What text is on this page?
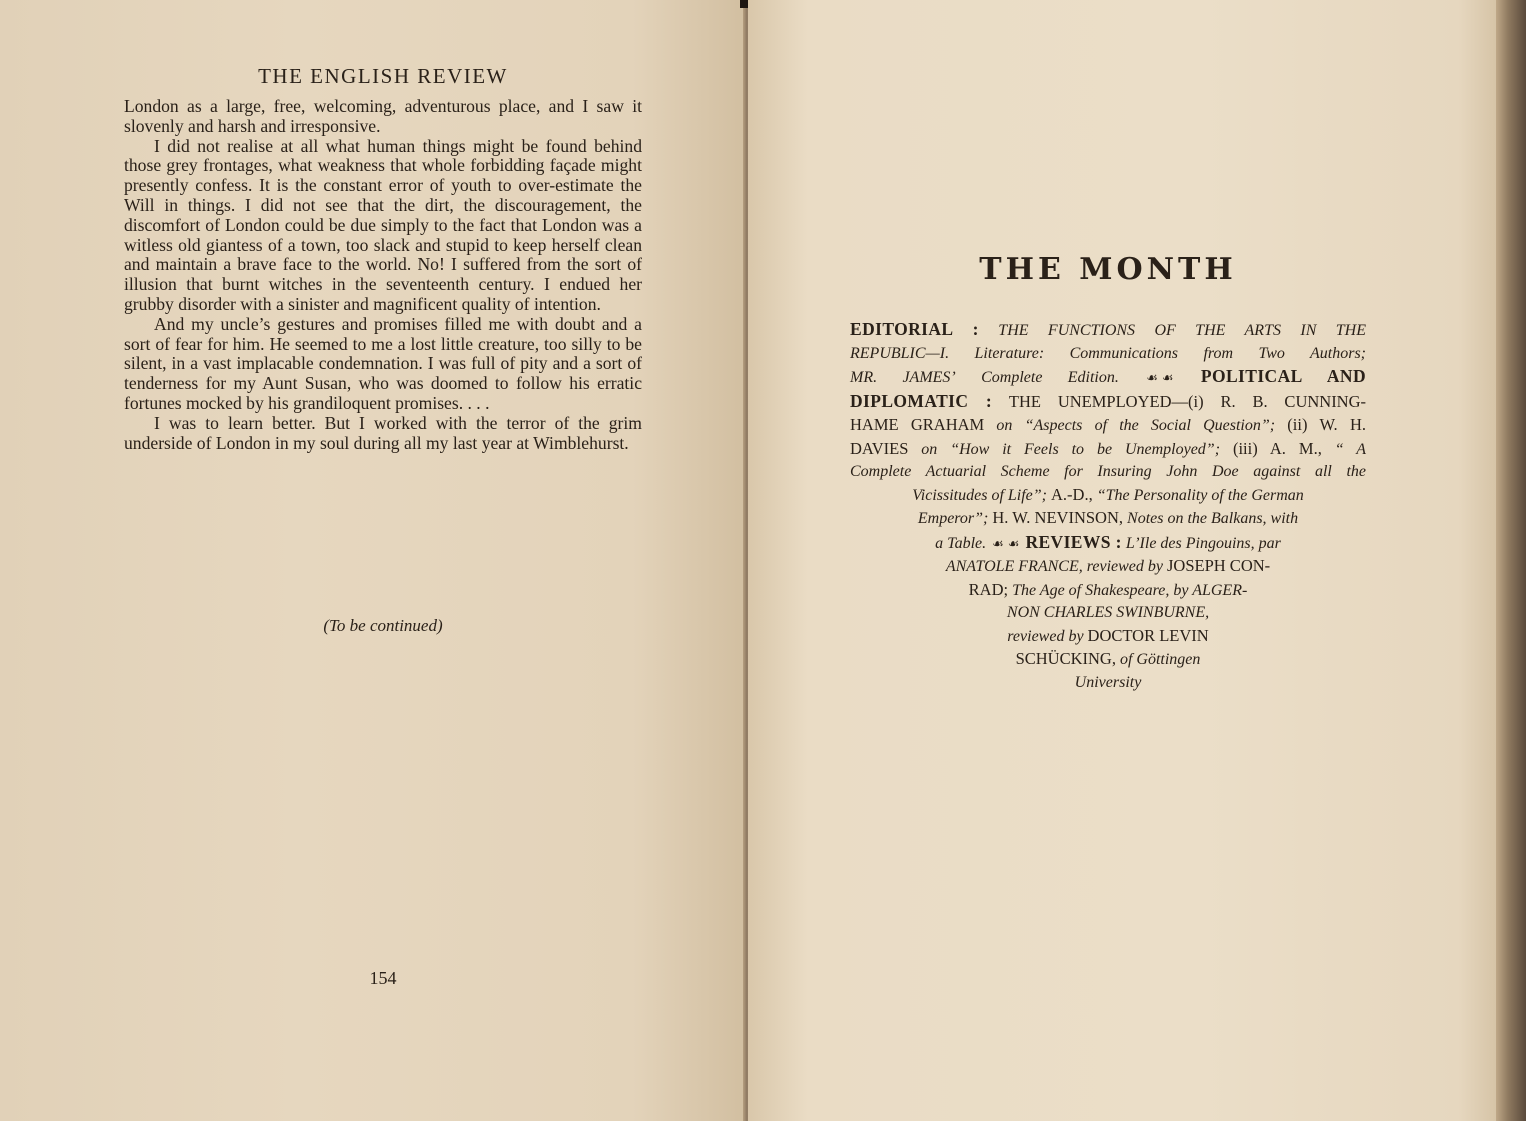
THE ENGLISH REVIEW

London as a large, free, welcoming, adventurous place, and I saw it slovenly and harsh and irresponsive.

I did not realise at all what human things might be found behind those grey frontages, what weakness that whole forbidding façade might presently confess. It is the constant error of youth to over-estimate the Will in things. I did not see that the dirt, the discouragement, the discomfort of London could be due simply to the fact that London was a witless old giantess of a town, too slack and stupid to keep herself clean and maintain a brave face to the world. No! I suffered from the sort of illusion that burnt witches in the seventeenth century. I endued her grubby disorder with a sinister and magnificent quality of intention.

And my uncle’s gestures and promises filled me with doubt and a sort of fear for him. He seemed to me a lost little creature, too silly to be silent, in a vast implacable condemnation. I was full of pity and a sort of tenderness for my Aunt Susan, who was doomed to follow his erratic fortunes mocked by his grandiloquent promises. . . .

I was to learn better. But I worked with the terror of the grim underside of London in my soul during all my last year at Wimblehurst.

(To be continued)
154
THE MONTH
EDITORIAL : THE FUNCTIONS OF THE ARTS IN THE
REPUBLIC—I. Literature: Communications from Two Authors;
MR. JAMES’ Complete Edition. ☙ ☙ POLITICAL AND
DIPLOMATIC : THE UNEMPLOYED—(i) R. B. CUNNING-
HAME GRAHAM on “Aspects of the Social Question”; (ii) W. H.
DAVIES on “How it Feels to be Unemployed”; (iii) A. M., “ A
Complete Actuarial Scheme for Insuring John Doe against all the
Vicissitudes of Life”; A.-D., “The Personality of the German
Emperor”; H. W. NEVINSON, Notes on the Balkans, with
a Table. ☙ ☙ REVIEWS : L’Ile des Pingouins, par
ANATOLE FRANCE, reviewed by JOSEPH CON-
RAD; The Age of Shakespeare, by ALGER-
NON CHARLES SWINBURNE,
reviewed by DOCTOR LEVIN
SCHÜCKING, of Göttingen
University
